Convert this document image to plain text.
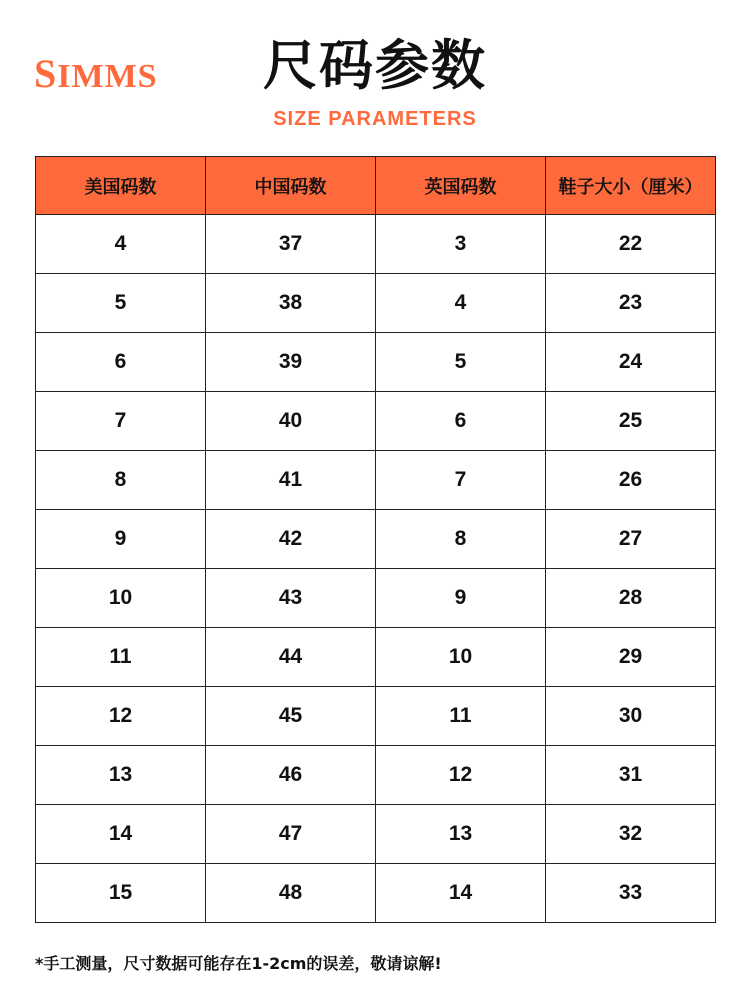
SIMMS	尺码参数
SIZE PARAMETERS
美国码数	中国码数	英国码数	鞋子大小（厘米）
4	37	3	22
5	38	4	23
6	39	5	24
7	40	6	25
8	41	7	26
9	42	8	27
10	43	9	28
11	44	10	29
12	45	11	30
13	46	12	31
14	47	13	32
15	48	14	33
*手工测量，尺寸数据可能存在1-2cm的误差，敬请谅解!
